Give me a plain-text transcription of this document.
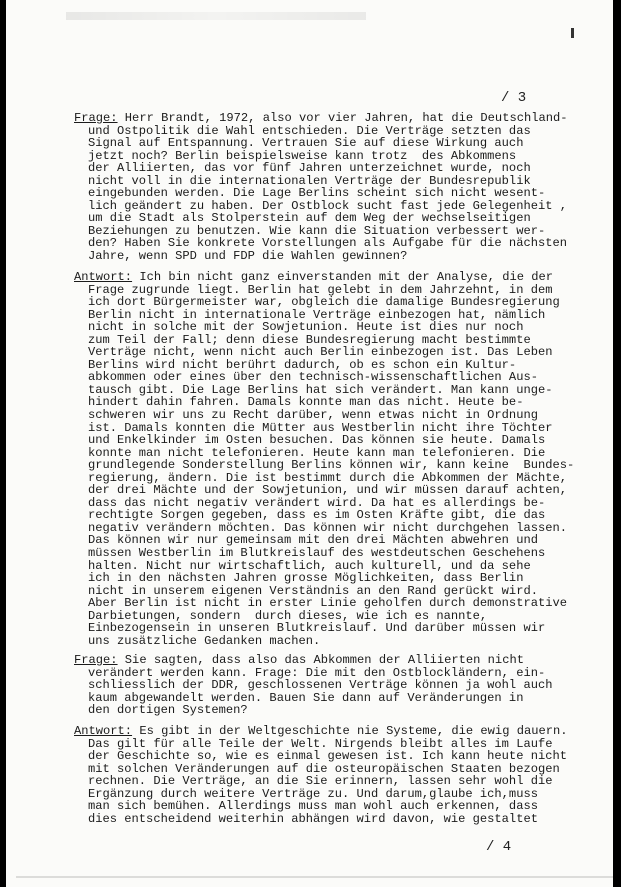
/ 3
Frage: Herr Brandt, 1972, also vor vier Jahren, hat die Deutschland-
und Ostpolitik die Wahl entschieden. Die Verträge setzten das
Signal auf Entspannung. Vertrauen Sie auf diese Wirkung auch
jetzt noch? Berlin beispielsweise kann trotz  des Abkommens
der Alliierten, das vor fünf Jahren unterzeichnet wurde, noch
nicht voll in die internationalen Verträge der Bundesrepublik
eingebunden werden. Die Lage Berlins scheint sich nicht wesent-
lich geändert zu haben. Der Ostblock sucht fast jede Gelegenheit ,
um die Stadt als Stolperstein auf dem Weg der wechselseitigen
Beziehungen zu benutzen. Wie kann die Situation verbessert wer-
den? Haben Sie konkrete Vorstellungen als Aufgabe für die nächsten
Jahre, wenn SPD und FDP die Wahlen gewinnen?
Antwort: Ich bin nicht ganz einverstanden mit der Analyse, die der
Frage zugrunde liegt. Berlin hat gelebt in dem Jahrzehnt, in dem
ich dort Bürgermeister war, obgleich die damalige Bundesregierung
Berlin nicht in internationale Verträge einbezogen hat, nämlich
nicht in solche mit der Sowjetunion. Heute ist dies nur noch
zum Teil der Fall; denn diese Bundesregierung macht bestimmte
Verträge nicht, wenn nicht auch Berlin einbezogen ist. Das Leben
Berlins wird nicht berührt dadurch, ob es schon ein Kultur-
abkommen oder eines über den technisch-wissenschaftlichen Aus-
tausch gibt. Die Lage Berlins hat sich verändert. Man kann unge-
hindert dahin fahren. Damals konnte man das nicht. Heute be-
schweren wir uns zu Recht darüber, wenn etwas nicht in Ordnung
ist. Damals konnten die Mütter aus Westberlin nicht ihre Töchter
und Enkelkinder im Osten besuchen. Das können sie heute. Damals
konnte man nicht telefonieren. Heute kann man telefonieren. Die
grundlegende Sonderstellung Berlins können wir, kann keine  Bundes-
regierung, ändern. Die ist bestimmt durch die Abkommen der Mächte,
der drei Mächte und der Sowjetunion, und wir müssen darauf achten,
dass das nicht negativ verändert wird. Da hat es allerdings be-
rechtigte Sorgen gegeben, dass es im Osten Kräfte gibt, die das
negativ verändern möchten. Das können wir nicht durchgehen lassen.
Das können wir nur gemeinsam mit den drei Mächten abwehren und
müssen Westberlin im Blutkreislauf des westdeutschen Geschehens
halten. Nicht nur wirtschaftlich, auch kulturell, und da sehe
ich in den nächsten Jahren grosse Möglichkeiten, dass Berlin
nicht in unserem eigenen Verständnis an den Rand gerückt wird.
Aber Berlin ist nicht in erster Linie geholfen durch demonstrative
Darbietungen, sondern  durch dieses, wie ich es nannte,
Einbezogensein in unseren Blutkreislauf. Und darüber müssen wir
uns zusätzliche Gedanken machen.
Frage: Sie sagten, dass also das Abkommen der Alliierten nicht
verändert werden kann. Frage: Die mit den Ostblockländern, ein-
schliesslich der DDR, geschlossenen Verträge können ja wohl auch
kaum abgewandelt werden. Bauen Sie dann auf Veränderungen in
den dortigen Systemen?
Antwort: Es gibt in der Weltgeschichte nie Systeme, die ewig dauern.
Das gilt für alle Teile der Welt. Nirgends bleibt alles im Laufe
der Geschichte so, wie es einmal gewesen ist. Ich kann heute nicht
mit solchen Veränderungen auf die osteuropäischen Staaten bezogen
rechnen. Die Verträge, an die Sie erinnern, lassen sehr wohl die
Ergänzung durch weitere Verträge zu. Und darum,glaube ich,muss
man sich bemühen. Allerdings muss man wohl auch erkennen, dass
dies entscheidend weiterhin abhängen wird davon, wie gestaltet
/ 4
